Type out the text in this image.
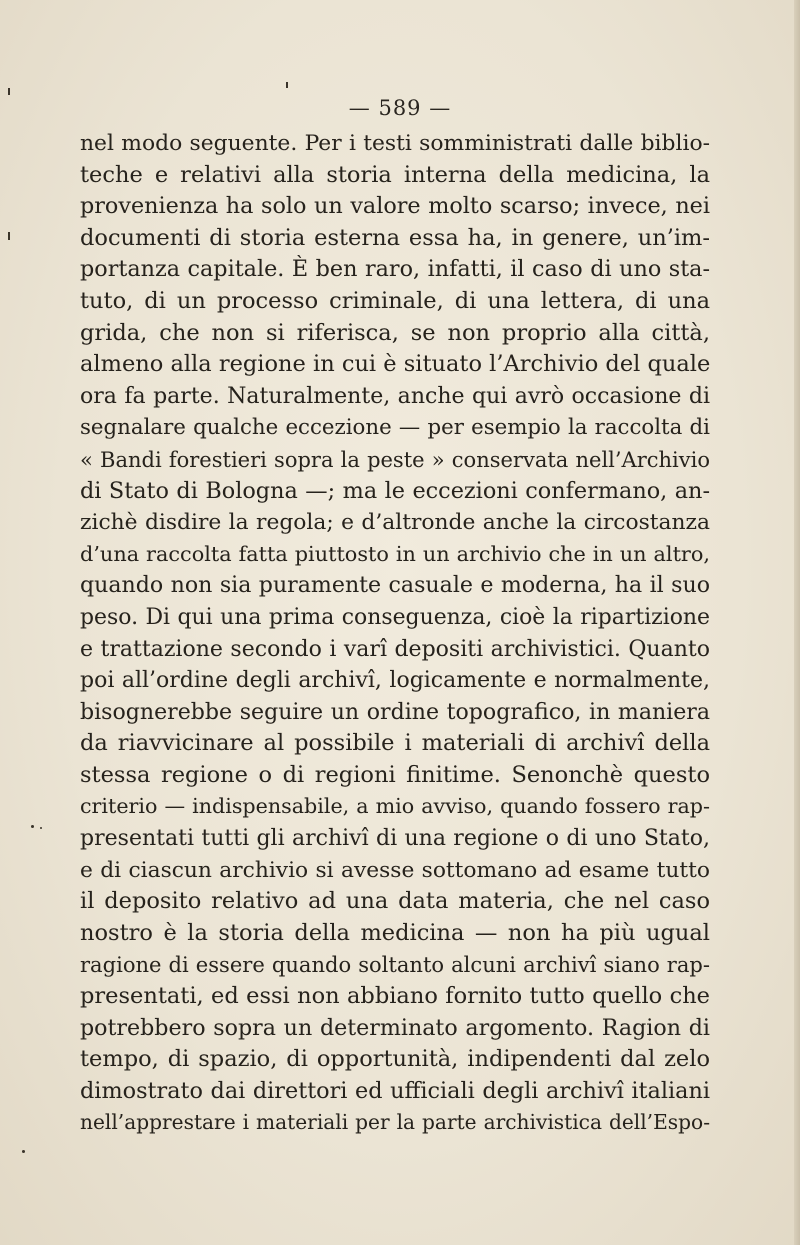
— 589 —
nel modo seguente. Per i testi somministrati dalle biblio-
teche e relativi alla storia interna della medicina, la
provenienza ha solo un valore molto scarso; invece, nei
documenti di storia esterna essa ha, in genere, un’im-
portanza capitale. È ben raro, infatti, il caso di uno sta-
tuto, di un processo criminale, di una lettera, di una
grida, che non si riferisca, se non proprio alla città,
almeno alla regione in cui è situato l’Archivio del quale
ora fa parte. Naturalmente, anche qui avrò occasione di
segnalare qualche eccezione — per esempio la raccolta di
« Bandi forestieri sopra la peste » conservata nell’Archivio
di Stato di Bologna —; ma le eccezioni confermano, an-
zichè disdire la regola; e d’altronde anche la circostanza
d’una raccolta fatta piuttosto in un archivio che in un altro,
quando non sia puramente casuale e moderna, ha il suo
peso. Di qui una prima conseguenza, cioè la ripartizione
e trattazione secondo i varî depositi archivistici. Quanto
poi all’ordine degli archivî, logicamente e normalmente,
bisognerebbe seguire un ordine topografico, in maniera
da riavvicinare al possibile i materiali di archivî della
stessa regione o di regioni finitime. Senonchè questo
criterio — indispensabile, a mio avviso, quando fossero rap-
presentati tutti gli archivî di una regione o di uno Stato,
e di ciascun archivio si avesse sottomano ad esame tutto
il deposito relativo ad una data materia, che nel caso
nostro è la storia della medicina — non ha più ugual
ragione di essere quando soltanto alcuni archivî siano rap-
presentati, ed essi non abbiano fornito tutto quello che
potrebbero sopra un determinato argomento. Ragion di
tempo, di spazio, di opportunità, indipendenti dal zelo
dimostrato dai direttori ed ufficiali degli archivî italiani
nell’apprestare i materiali per la parte archivistica dell’Espo-
